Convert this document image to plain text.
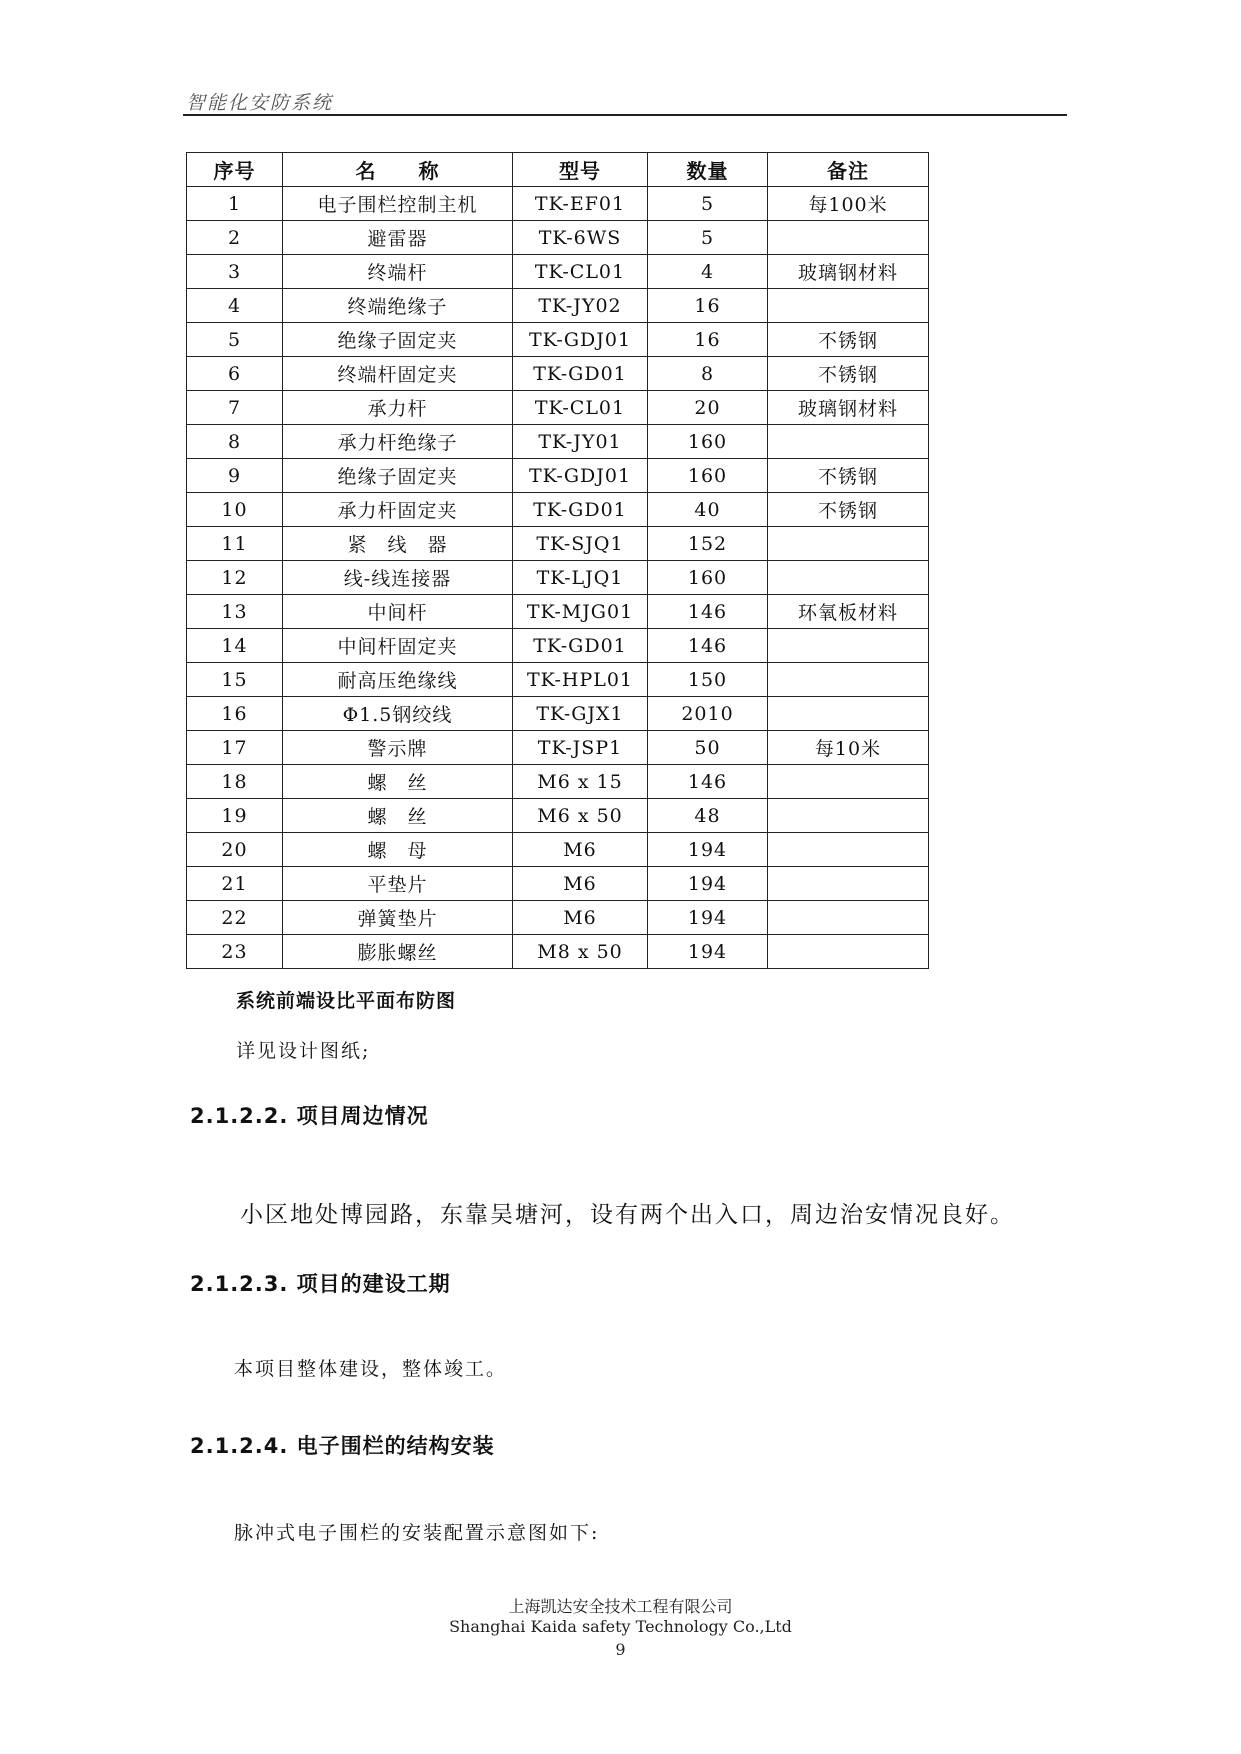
智能化安防系统
序号	名　　称	型号	数量	备注
1	电子围栏控制主机	TK-EF01	5	每100米
2	避雷器	TK-6WS	5	
3	终端杆	TK-CL01	4	玻璃钢材料
4	终端绝缘子	TK-JY02	16	
5	绝缘子固定夹	TK-GDJ01	16	不锈钢
6	终端杆固定夹	TK-GD01	8	不锈钢
7	承力杆	TK-CL01	20	玻璃钢材料
8	承力杆绝缘子	TK-JY01	160	
9	绝缘子固定夹	TK-GDJ01	160	不锈钢
10	承力杆固定夹	TK-GD01	40	不锈钢
11	紧　线　器	TK-SJQ1	152	
12	线-线连接器	TK-LJQ1	160	
13	中间杆	TK-MJG01	146	环氧板材料
14	中间杆固定夹	TK-GD01	146	
15	耐高压绝缘线	TK-HPL01	150	
16	Φ1.5钢绞线	TK-GJX1	2010	
17	警示牌	TK-JSP1	50	每10米
18	螺　丝	M6 x 15	146	
19	螺　丝	M6 x 50	48	
20	螺　母	M6	194	
21	平垫片	M6	194	
22	弹簧垫片	M6	194	
23	膨胀螺丝	M8 x 50	194	
系统前端设比平面布防图
详见设计图纸;
2.1.2.2. 项目周边情况
小区地处博园路，东靠吴塘河，设有两个出入口，周边治安情况良好。
2.1.2.3. 项目的建设工期
本项目整体建设，整体竣工。
2.1.2.4. 电子围栏的结构安装
脉冲式电子围栏的安装配置示意图如下:
上海凯达安全技术工程有限公司
Shanghai Kaida safety Technology Co.,Ltd
9
